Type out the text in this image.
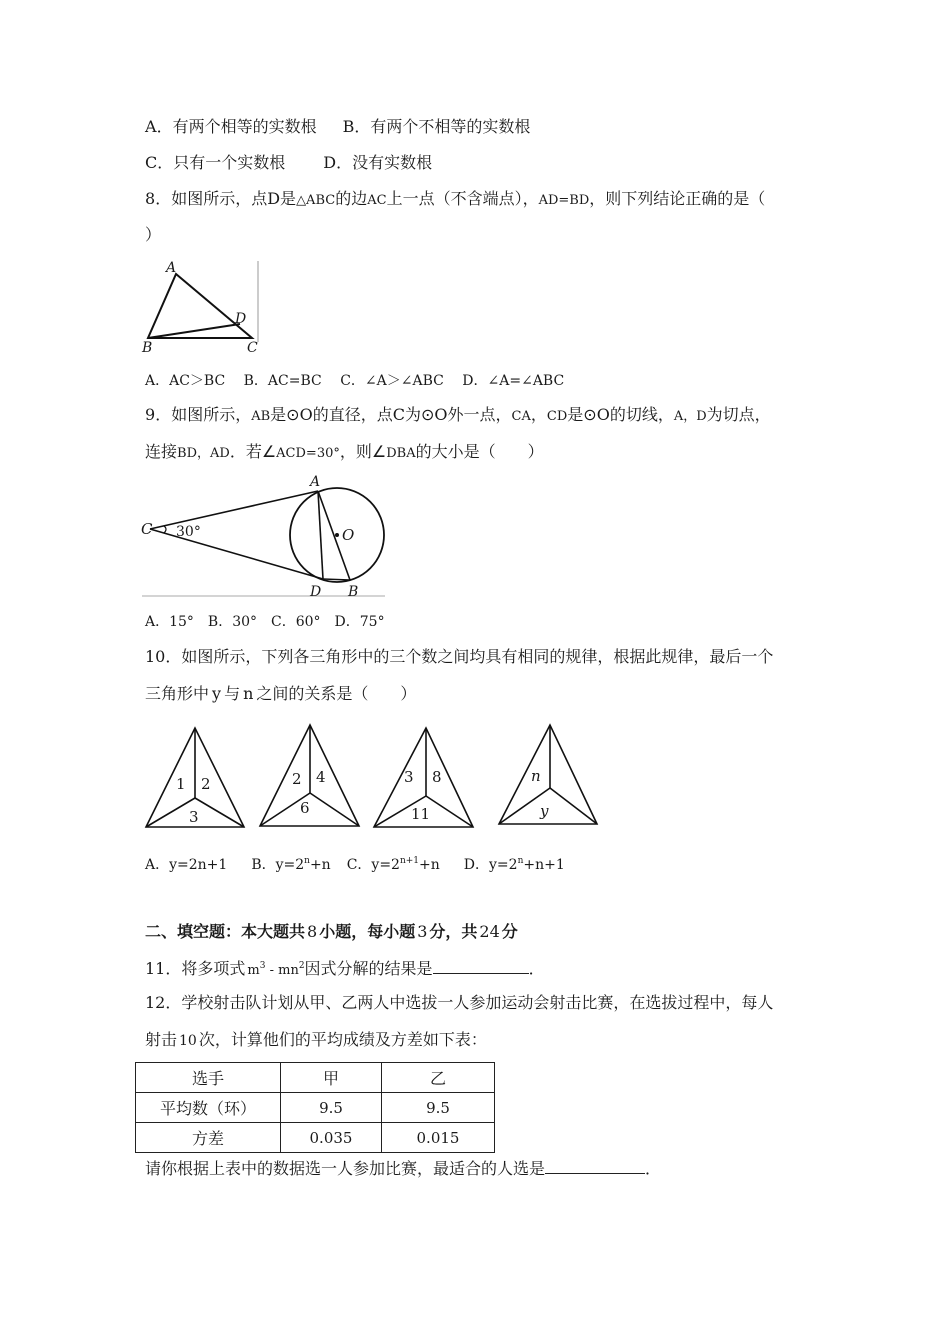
A．有两个相等的实数根 B．有两个不相等的实数根
C．只有一个实数根 D．没有实数根
8．如图所示，点D是△ABC的边AC上一点（不含端点），AD=BD，则下列结论正确的是（
）
A
B	C
D
A．AC＞BC　 B．AC=BC　 C．∠A＞∠ABC　 D．∠A=∠ABC
9．如图所示，AB是⊙O的直径，点C为⊙O外一点，CA，CD是⊙O的切线，A，D为切点，
连接BD，AD．若∠ACD=30°，则∠DBA的大小是（　　）
C 30°
A
O
D B
A．15°　B．30°　C．60°　D．75°
10．如图所示，下列各三角形中的三个数之间均具有相同的规律，根据此规律，最后一个
三角形中 y 与 n 之间的关系是（　　）
1 2
3
2 4
6
3 8
11
n
y
A．y=2n+1 B．$y=2^n+n$ C．$y=2^{n+1}+n$ D．$y=2^n+n+1$
二、填空题：本大题共 8 小题，每小题 3 分，共 24 分
11．将多项式 $m^3 - mn^2$因式分解的结果是	．
12．学校射击队计划从甲、乙两人中选拔一人参加运动会射击比赛，在选拔过程中，每人
射击 10 次，计算他们的平均成绩及方差如下表：
选手	甲	乙
平均数（环）	9.5	9.5
方差	0.035	0.015
请你根据上表中的数据选一人参加比赛，最适合的人选是	．
